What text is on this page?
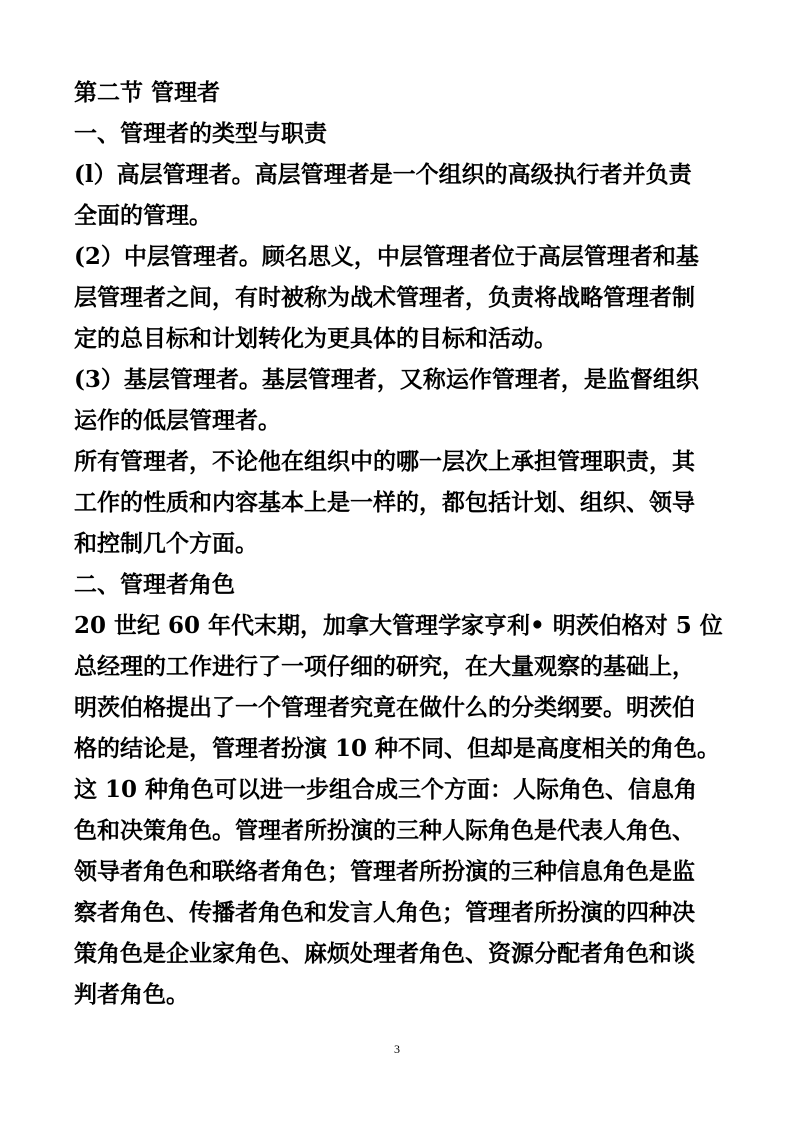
第二节 管理者
一、管理者的类型与职责
(l）高层管理者。高层管理者是一个组织的高级执行者并负责
全面的管理。
(2）中层管理者。顾名思义，中层管理者位于高层管理者和基
层管理者之间，有时被称为战术管理者，负责将战略管理者制
定的总目标和计划转化为更具体的目标和活动。
(3）基层管理者。基层管理者，又称运作管理者，是监督组织
运作的低层管理者。
所有管理者，不论他在组织中的哪一层次上承担管理职责，其
工作的性质和内容基本上是一样的，都包括计划、组织、领导
和控制几个方面。
二、管理者角色
20 世纪 60 年代末期，加拿大管理学家亨利• 明茨伯格对 5 位
总经理的工作进行了一项仔细的研究，在大量观察的基础上，
明茨伯格提出了一个管理者究竟在做什么的分类纲要。明茨伯
格的结论是，管理者扮演 10 种不同、但却是高度相关的角色。
这 10 种角色可以进一步组合成三个方面：人际角色、信息角
色和决策角色。管理者所扮演的三种人际角色是代表人角色、
领导者角色和联络者角色；管理者所扮演的三种信息角色是监
察者角色、传播者角色和发言人角色；管理者所扮演的四种决
策角色是企业家角色、麻烦处理者角色、资源分配者角色和谈
判者角色。
3
